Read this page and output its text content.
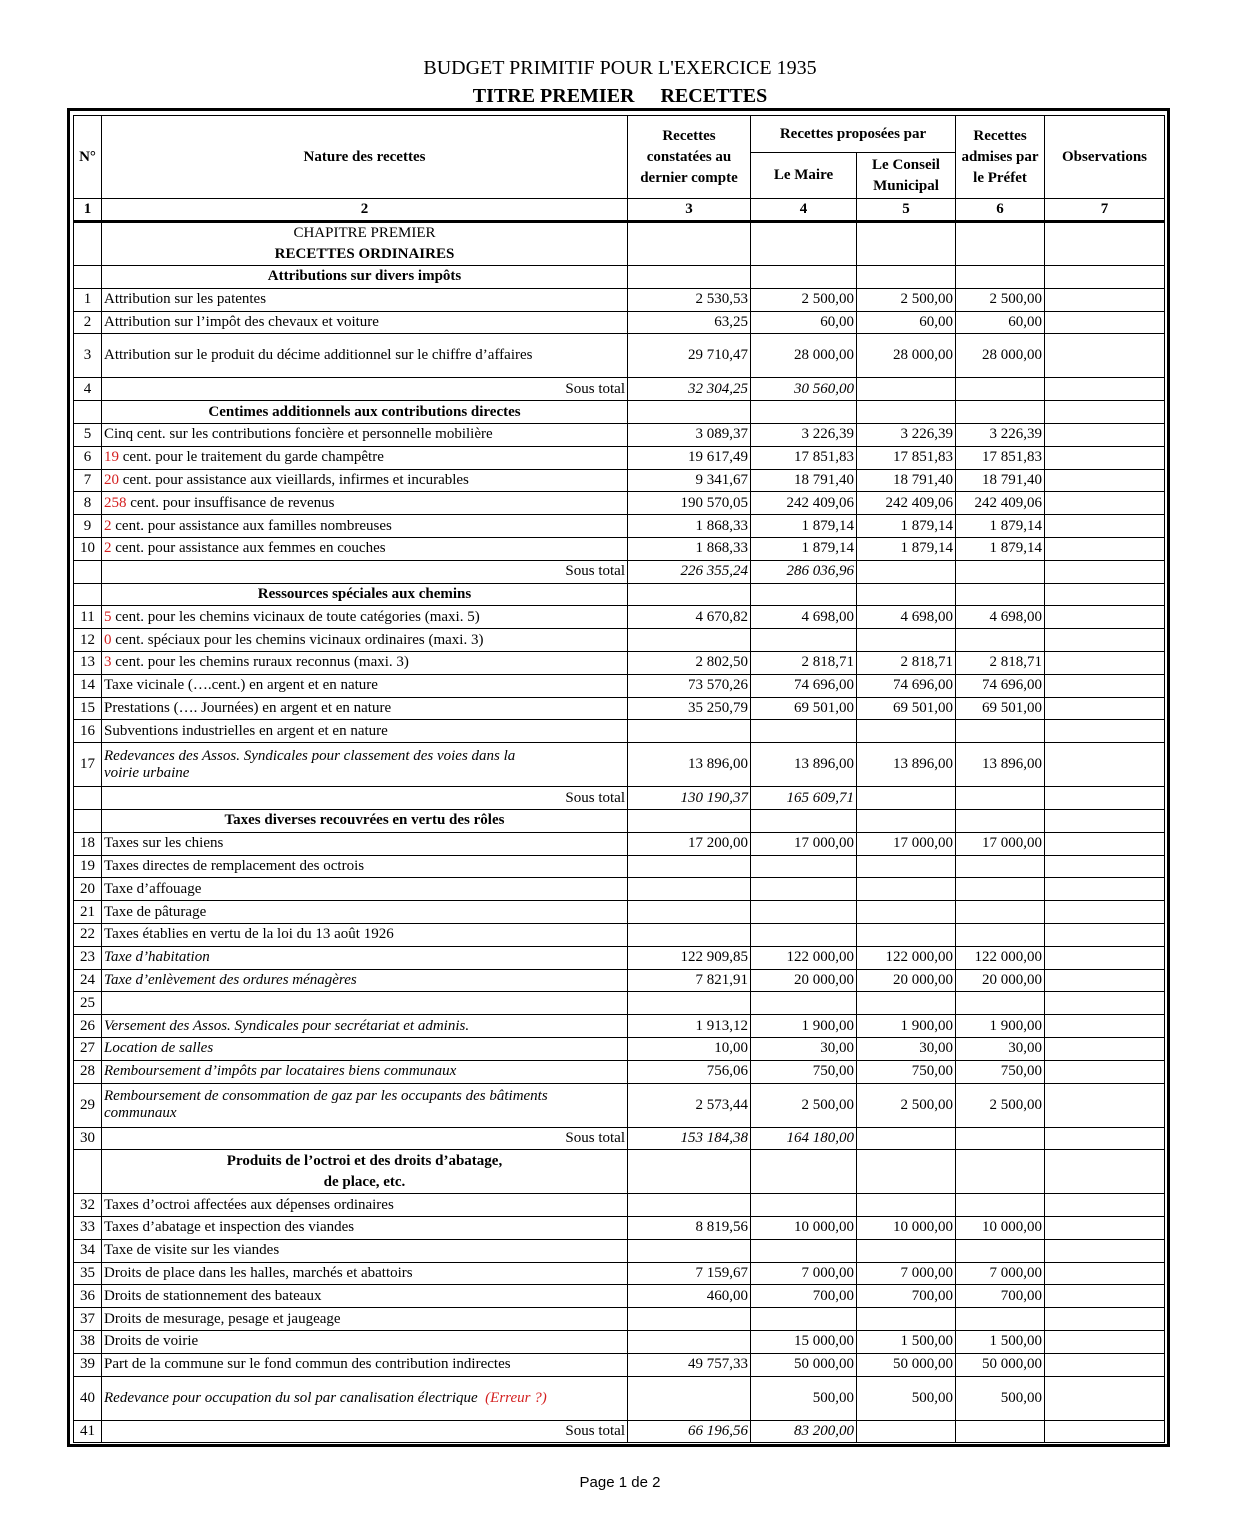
BUDGET PRIMITIF POUR L'EXERCICE 1935
TITRE PREMIER RECETTES
N°	Nature des recettes	Recettes constatées au dernier compte	Recettes proposées par		Recettes admises par le Préfet	Observations
			Le Maire	Le Conseil Municipal		
1	2	3	4	5	6	7

	CHAPITRE PREMIER
RECETTES ORDINAIRES					

	Attributions sur divers impôts					

1	Attribution sur les patentes	2 530,53	2 500,00	2 500,00	2 500,00	
2	Attribution sur l’impôt des chevaux et voiture	63,25	60,00	60,00	60,00	
3	Attribution sur le produit du décime additionnel sur le chiffre d’affaires	29 710,47	28 000,00	28 000,00	28 000,00	
4	Sous total	32 304,25	30 560,00			

	Centimes additionnels aux contributions directes					

5	Cinq cent. sur les contributions foncière et personnelle mobilière	3 089,37	3 226,39	3 226,39	3 226,39	
6	19 cent. pour le traitement du garde champêtre	19 617,49	17 851,83	17 851,83	17 851,83	
7	20 cent. pour assistance aux vieillards, infirmes et incurables	9 341,67	18 791,40	18 791,40	18 791,40	
8	258 cent. pour insuffisance de revenus	190 570,05	242 409,06	242 409,06	242 409,06	
9	2 cent. pour assistance aux familles nombreuses	1 868,33	1 879,14	1 879,14	1 879,14	
10	2 cent. pour assistance aux femmes en couches	1 868,33	1 879,14	1 879,14	1 879,14	
	Sous total	226 355,24	286 036,96			

	Ressources spéciales aux chemins					

11	5 cent. pour les chemins vicinaux de toute catégories (maxi. 5)	4 670,82	4 698,00	4 698,00	4 698,00	
12	0 cent. spéciaux pour les chemins vicinaux ordinaires (maxi. 3)					
13	3 cent. pour les chemins ruraux reconnus (maxi. 3)	2 802,50	2 818,71	2 818,71	2 818,71	
14	Taxe vicinale (….cent.) en argent et en nature	73 570,26	74 696,00	74 696,00	74 696,00	
15	Prestations (…. Journées) en argent et en nature	35 250,79	69 501,00	69 501,00	69 501,00	
16	Subventions industrielles en argent et en nature					
17	Redevances des Assos. Syndicales pour classement des voies dans la
voirie urbaine	13 896,00	13 896,00	13 896,00	13 896,00	
	Sous total	130 190,37	165 609,71			

	Taxes diverses recouvrées en vertu des rôles					

18	Taxes sur les chiens	17 200,00	17 000,00	17 000,00	17 000,00	
19	Taxes directes de remplacement des octrois					
20	Taxe d’affouage					
21	Taxe de pâturage					
22	Taxes établies en vertu de la loi du 13 août 1926					
23	Taxe d’habitation	122 909,85	122 000,00	122 000,00	122 000,00	
24	Taxe d’enlèvement des ordures ménagères	7 821,91	20 000,00	20 000,00	20 000,00	
25						
26	Versement des Assos. Syndicales pour secrétariat et adminis.	1 913,12	1 900,00	1 900,00	1 900,00	
27	Location de salles	10,00	30,00	30,00	30,00	
28	Remboursement d’impôts par locataires biens communaux	756,06	750,00	750,00	750,00	
29	Remboursement de consommation de gaz par les occupants des bâtiments
communaux	2 573,44	2 500,00	2 500,00	2 500,00	
30	Sous total	153 184,38	164 180,00			

	Produits de l’octroi et des droits d’abatage,
de place, etc.					

32	Taxes d’octroi affectées aux dépenses ordinaires					
33	Taxes d’abatage et inspection des viandes	8 819,56	10 000,00	10 000,00	10 000,00	
34	Taxe de visite sur les viandes					
35	Droits de place dans les halles, marchés et abattoirs	7 159,67	7 000,00	7 000,00	7 000,00	
36	Droits de stationnement des bateaux	460,00	700,00	700,00	700,00	
37	Droits de mesurage, pesage et jaugeage					
38	Droits de voirie		15 000,00	1 500,00	1 500,00	
39	Part de la commune sur le fond commun des contribution indirectes	49 757,33	50 000,00	50 000,00	50 000,00	
40	Redevance pour occupation du sol par canalisation électrique (Erreur ?)		500,00	500,00	500,00	
41	Sous total	66 196,56	83 200,00			
Page 1 de 2
